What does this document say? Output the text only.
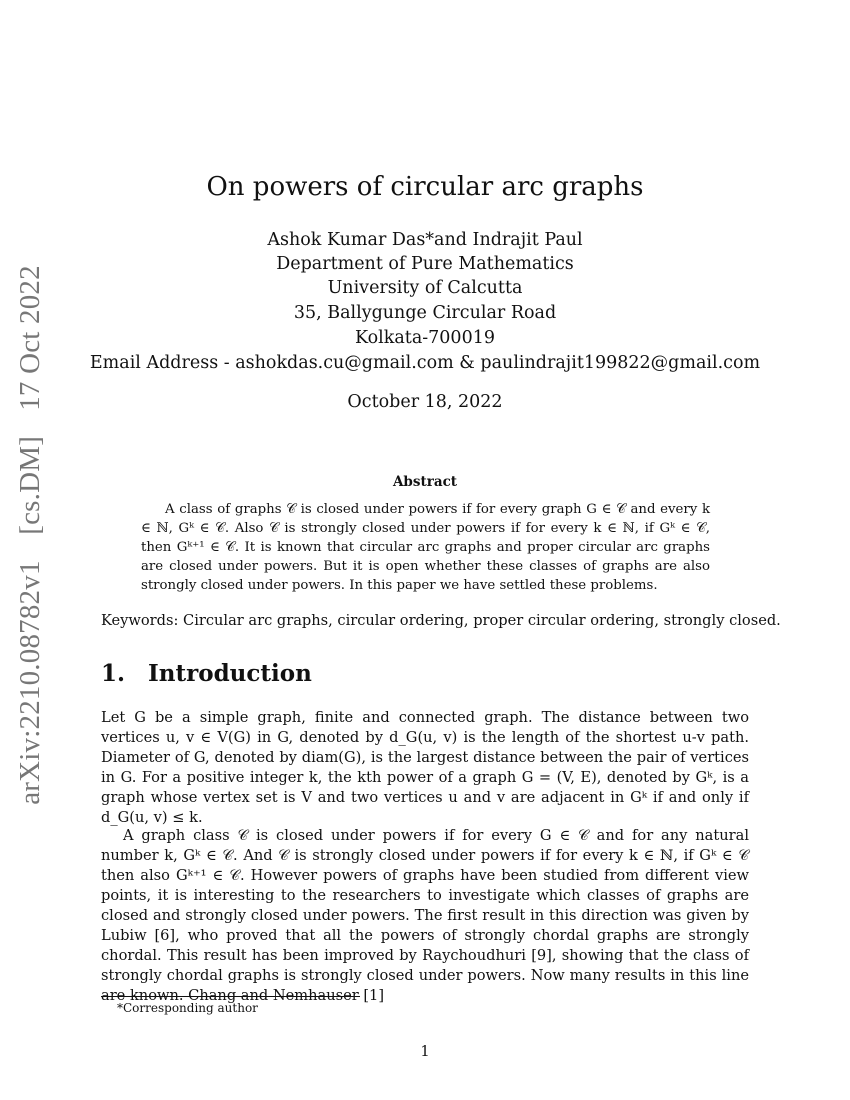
arXiv:2210.08782v1 [cs.DM] 17 Oct 2022
On powers of circular arc graphs
Ashok Kumar Das*and Indrajit Paul
Department of Pure Mathematics
University of Calcutta
35, Ballygunge Circular Road
Kolkata-700019
Email Address - ashokdas.cu@gmail.com & paulindrajit199822@gmail.com
October 18, 2022
Abstract

A class of graphs 𝒞 is closed under powers if for every graph G ∈ 𝒞 and every k ∈ ℕ, Gᵏ ∈ 𝒞. Also 𝒞 is strongly closed under powers if for every k ∈ ℕ, if Gᵏ ∈ 𝒞, then Gᵏ⁺¹ ∈ 𝒞. It is known that circular arc graphs and proper circular arc graphs are closed under powers. But it is open whether these classes of graphs are also strongly closed under powers. In this paper we have settled these problems.

Keywords: Circular arc graphs, circular ordering, proper circular ordering, strongly closed.
1. Introduction

Let G be a simple graph, finite and connected graph. The distance between two vertices u, v ∈ V(G) in G, denoted by d_G(u, v) is the length of the shortest u-v path. Diameter of G, denoted by diam(G), is the largest distance between the pair of vertices in G. For a positive integer k, the kth power of a graph G = (V, E), denoted by Gᵏ, is a graph whose vertex set is V and two vertices u and v are adjacent in Gᵏ if and only if d_G(u, v) ≤ k.

A graph class 𝒞 is closed under powers if for every G ∈ 𝒞 and for any natural number k, Gᵏ ∈ 𝒞. And 𝒞 is strongly closed under powers if for every k ∈ ℕ, if Gᵏ ∈ 𝒞 then also Gᵏ⁺¹ ∈ 𝒞. However powers of graphs have been studied from different view points, it is interesting to the researchers to investigate which classes of graphs are closed and strongly closed under powers. The first result in this direction was given by Lubiw [6], who proved that all the powers of strongly chordal graphs are strongly chordal. This result has been improved by Raychoudhuri [9], showing that the class of strongly chordal graphs is strongly closed under powers. Now many results in this line are known. Chang and Nemhauser [1]

*Corresponding author
1
